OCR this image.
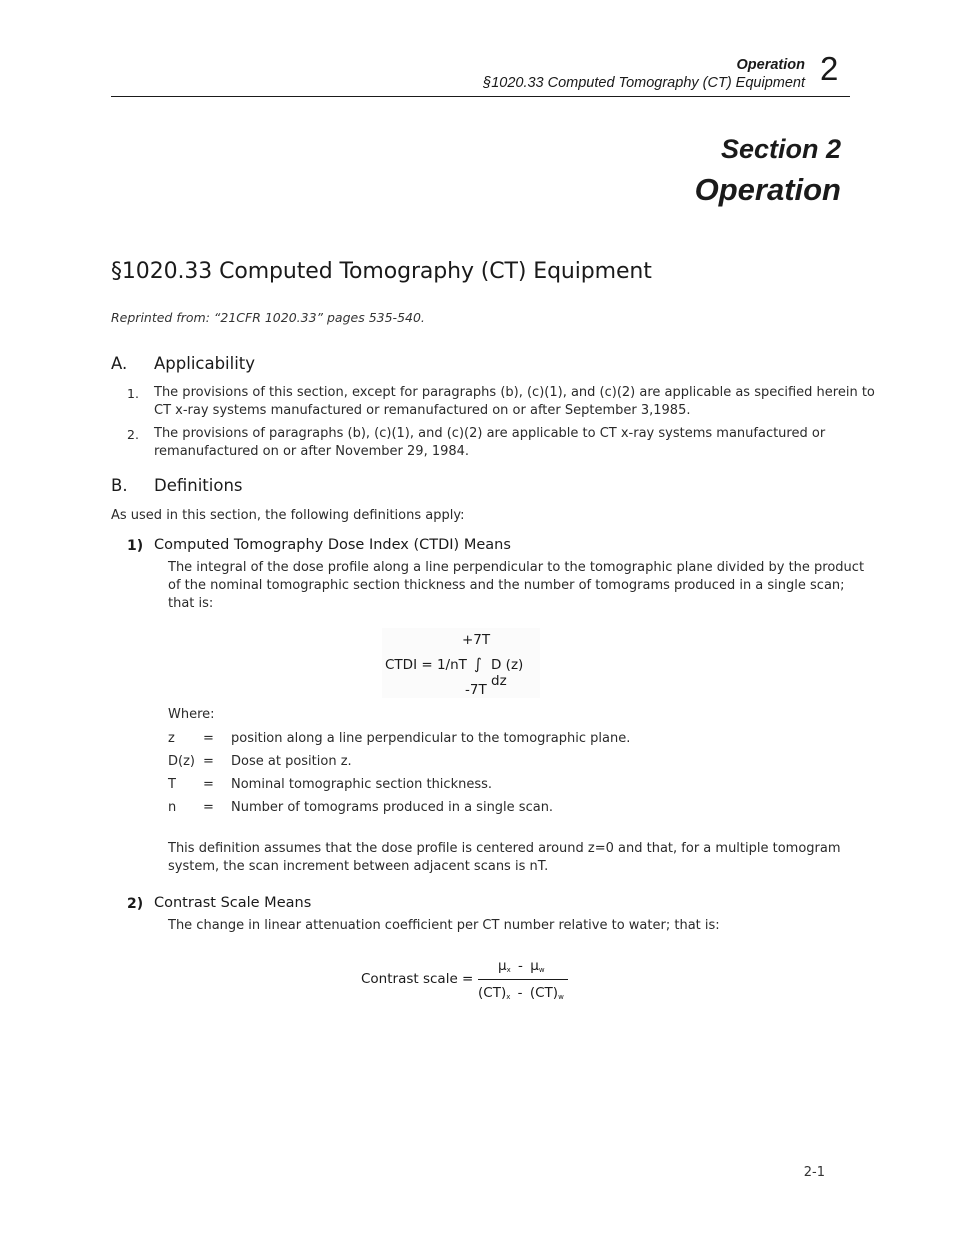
Operation
§1020.33 Computed Tomography (CT) Equipment 2
Section 2
Operation
§1020.33 Computed Tomography (CT) Equipment
Reprinted from: “21CFR 1020.33” pages 535-540.
A. Applicability
1. The provisions of this section, except for paragraphs (b), (c)(1), and (c)(2) are applicable as specified herein to
CT x-ray systems manufactured or remanufactured on or after September 3,1985.
2. The provisions of paragraphs (b), (c)(1), and (c)(2) are applicable to CT x-ray systems manufactured or
remanufactured on or after November 29, 1984.
B. Definitions
As used in this section, the following definitions apply:
1) Computed Tomography Dose Index (CTDI) Means
The integral of the dose profile along a line perpendicular to the tomographic plane divided by the product
of the nominal tomographic section thickness and the number of tomograms produced in a single scan;
that is:
+7T
CTDI = 1/nT ∫ D (z) dz
-7T
Where:
z = position along a line perpendicular to the tomographic plane.
D(z) = Dose at position z.
T = Nominal tomographic section thickness.
n = Number of tomograms produced in a single scan.
This definition assumes that the dose profile is centered around z=0 and that, for a multiple tomogram
system, the scan increment between adjacent scans is nT.
2) Contrast Scale Means
The change in linear attenuation coefficient per CT number relative to water; that is:
Contrast scale =
$\mu_x - \mu_w$
$(CT)_x - (CT)_w$
2-1
